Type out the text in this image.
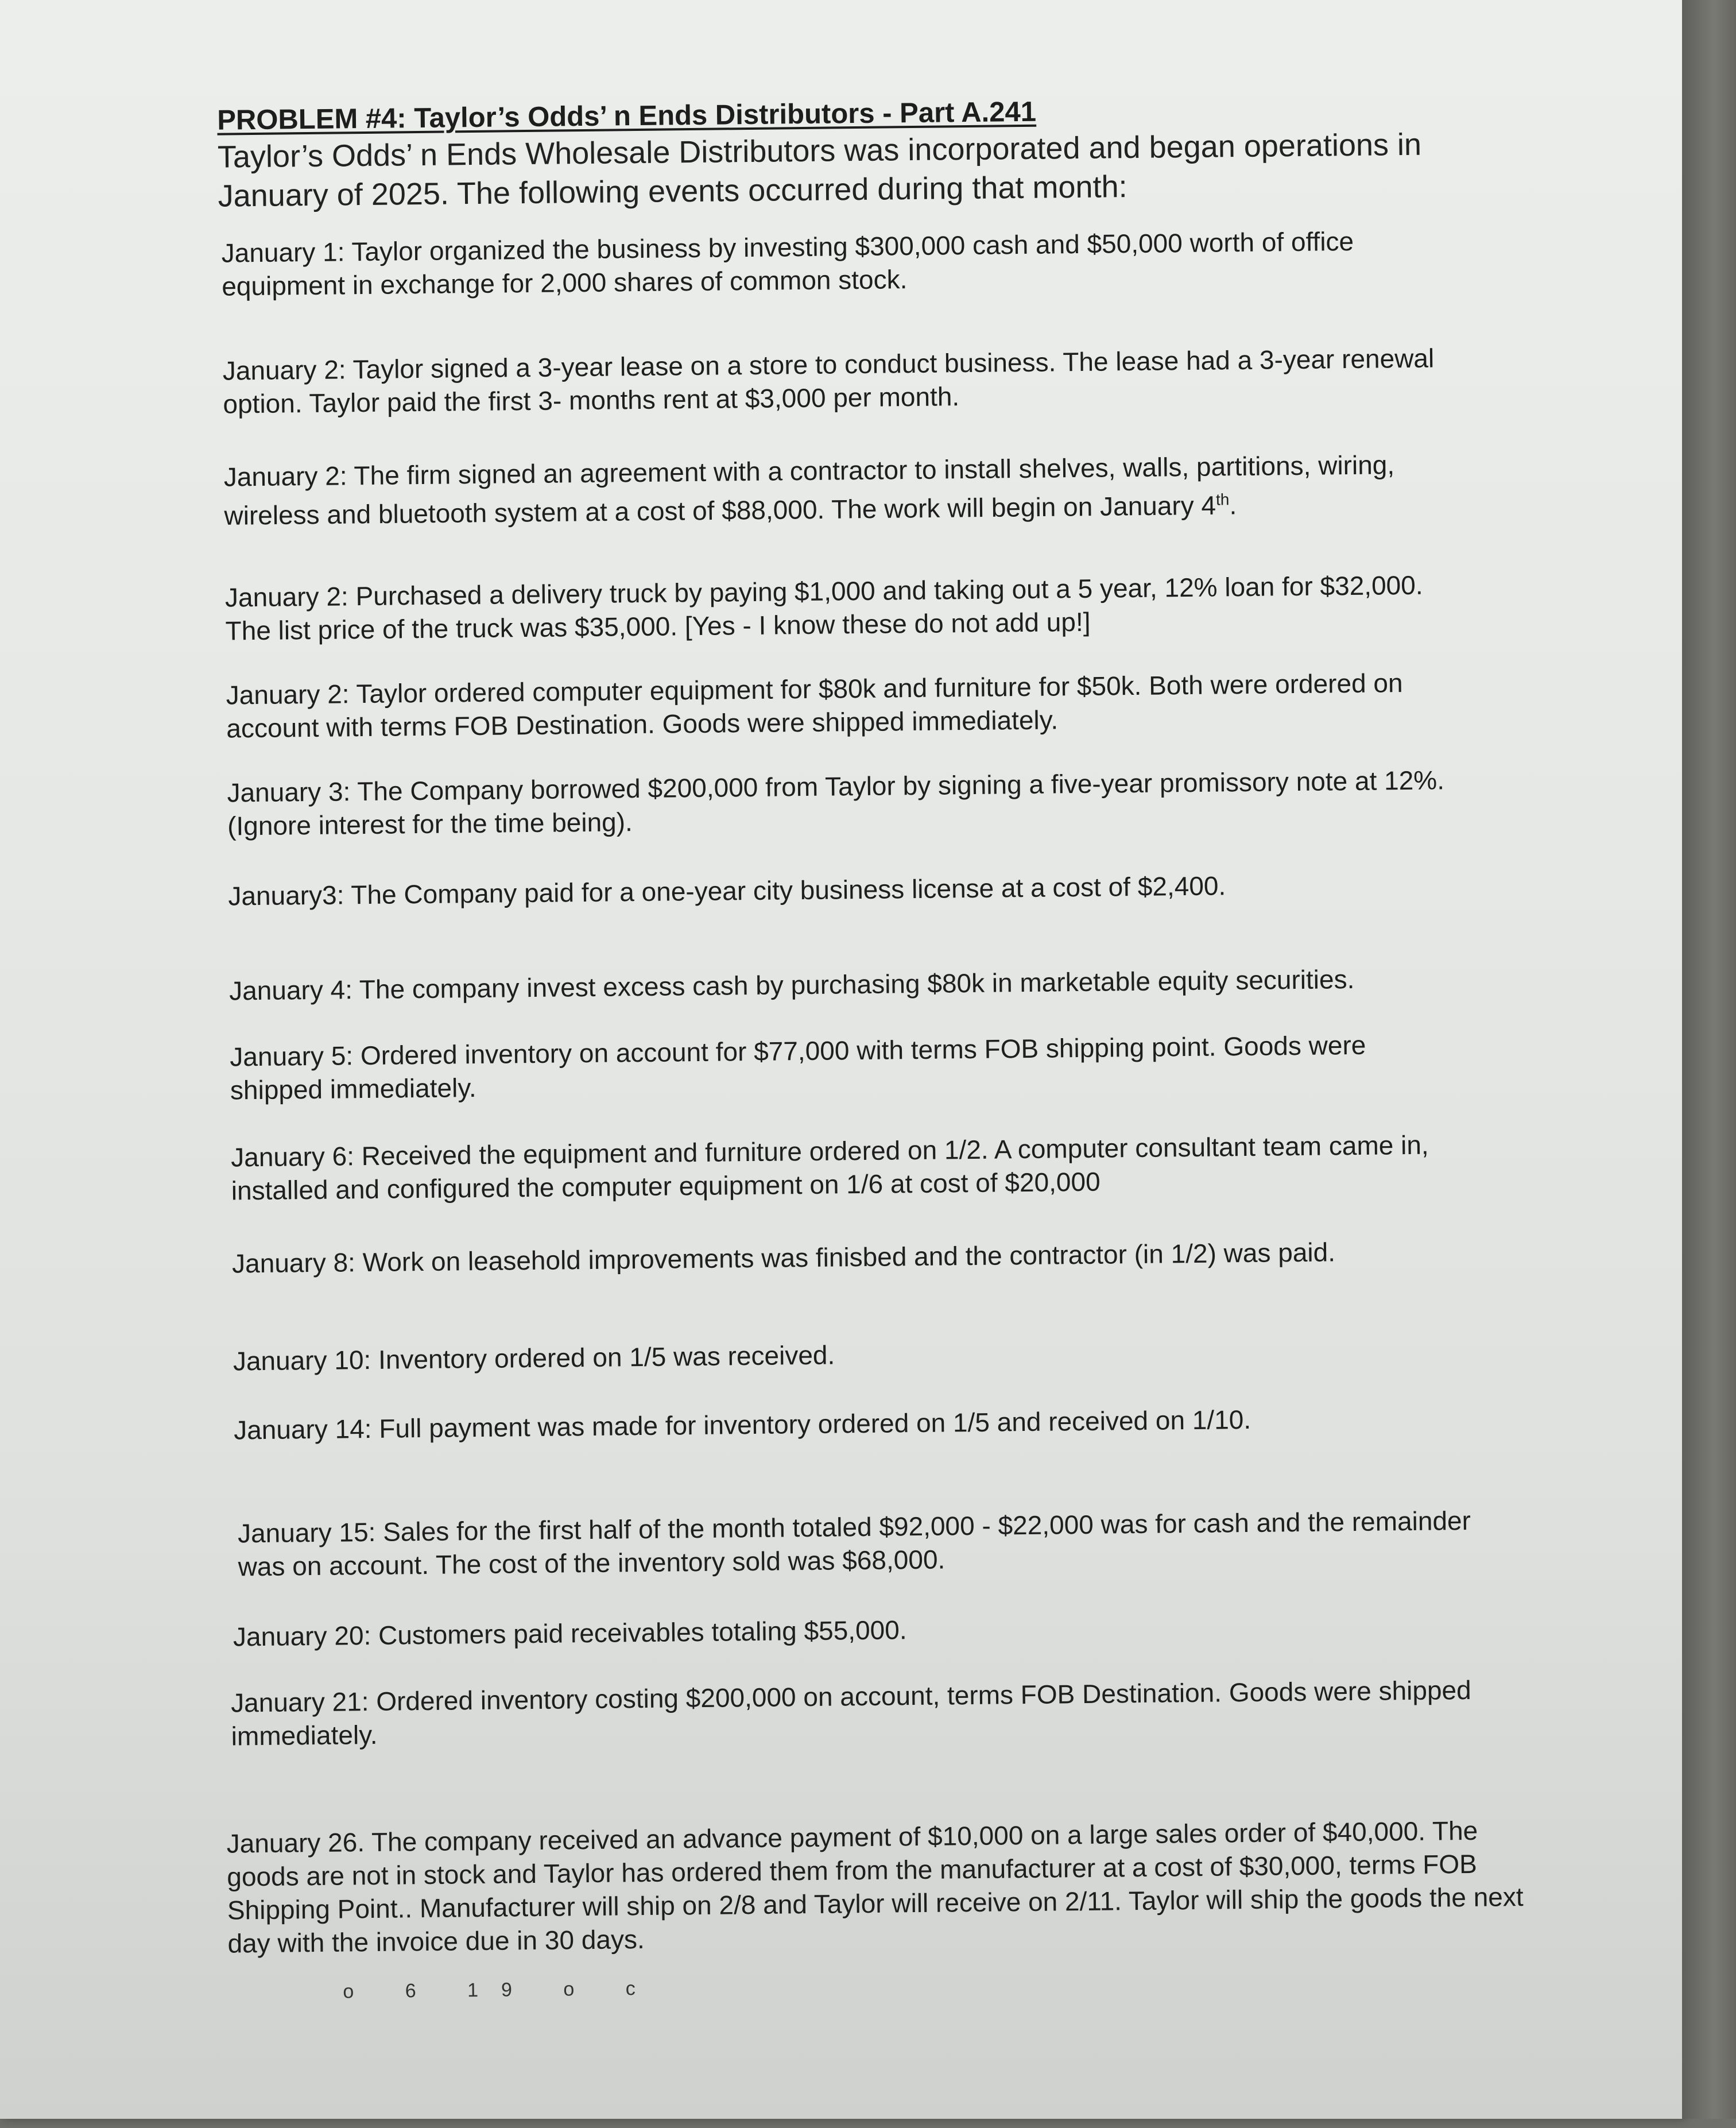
PROBLEM #4: Taylor’s Odds’ n Ends Distributors - Part A.241
Taylor’s Odds’ n Ends Wholesale Distributors was incorporated and began operations in January of 2025. The following events occurred during that month:
January 1: Taylor organized the business by investing $300,000 cash and $50,000 worth of office equipment in exchange for 2,000 shares of common stock.
January 2: Taylor signed a 3-year lease on a store to conduct business. The lease had a 3-year renewal option. Taylor paid the first 3- months rent at $3,000 per month.
January 2: The firm signed an agreement with a contractor to install shelves, walls, partitions, wiring, wireless and bluetooth system at a cost of $88,000. The work will begin on January 4th.
January 2: Purchased a delivery truck by paying $1,000 and taking out a 5 year, 12% loan for $32,000. The list price of the truck was $35,000. [Yes - I know these do not add up!]
January 2: Taylor ordered computer equipment for $80k and furniture for $50k. Both were ordered on account with terms FOB Destination. Goods were shipped immediately.
January 3: The Company borrowed $200,000 from Taylor by signing a five-year promissory note at 12%. (Ignore interest for the time being).
January3: The Company paid for a one-year city business license at a cost of $2,400.
January 4: The company invest excess cash by purchasing $80k in marketable equity securities.
January 5: Ordered inventory on account for $77,000 with terms FOB shipping point. Goods were shipped immediately.
January 6: Received the equipment and furniture ordered on 1/2. A computer consultant team came in, installed and configured the computer equipment on 1/6 at cost of $20,000
January 8: Work on leasehold improvements was finisbed and the contractor (in 1/2) was paid.
January 10: Inventory ordered on 1/5 was received.
January 14: Full payment was made for inventory ordered on 1/5 and received on 1/10.
January 15: Sales for the first half of the month totaled $92,000 - $22,000 was for cash and the remainder was on account. The cost of the inventory sold was $68,000.
January 20: Customers paid receivables totaling $55,000.
January 21: Ordered inventory costing $200,000 on account, terms FOB Destination. Goods were shipped immediately.
January 26. The company received an advance payment of $10,000 on a large sales order of $40,000. The goods are not in stock and Taylor has ordered them from the manufacturer at a cost of $30,000, terms FOB Shipping Point.. Manufacturer will ship on 2/8 and Taylor will receive on 2/11. Taylor will ship the goods the next day with the invoice due in 30 days.
o 6 19 o c
